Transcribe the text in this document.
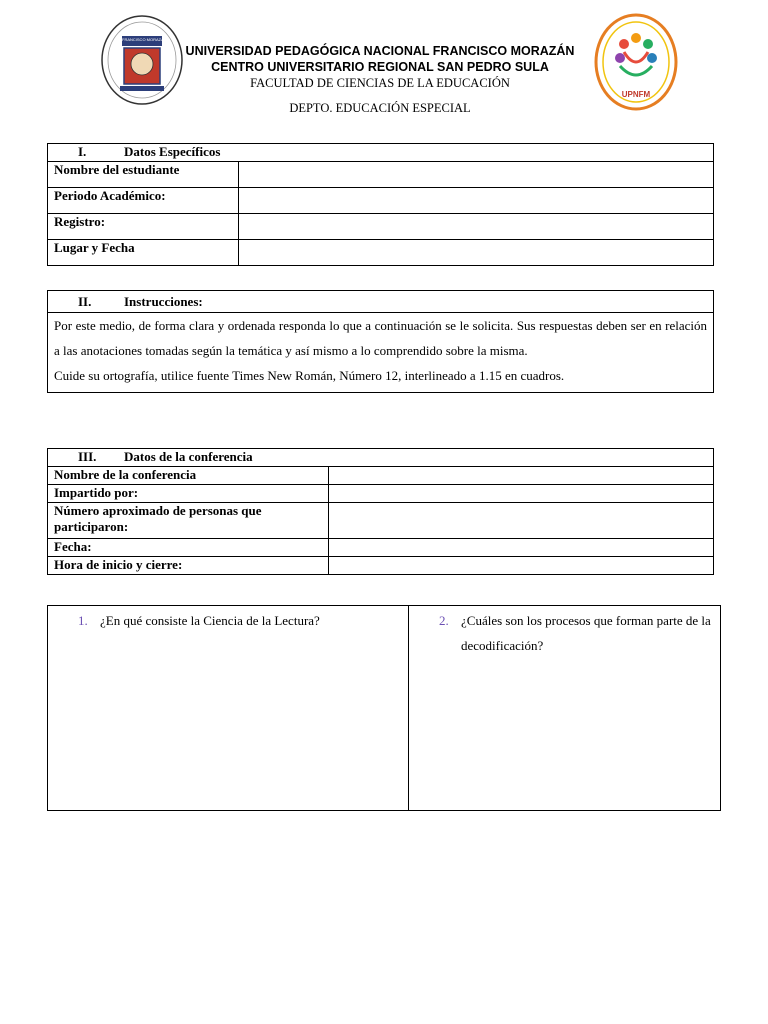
FRANCISCO MORAZÁN
UPNFM
UNIVERSIDAD PEDAGÓGICA NACIONAL FRANCISCO MORAZÁN
CENTRO UNIVERSITARIO REGIONAL SAN PEDRO SULA
FACULTAD DE CIENCIAS DE LA EDUCACIÓN
DEPTO. EDUCACIÓN ESPECIAL
I. Datos Específicos	
Nombre del estudiante	
Periodo Académico:	
Registro:	
Lugar y Fecha	
II.	Instrucciones:

Por este medio, de forma clara y ordenada responda lo que a continuación se le solicita. Sus respuestas deben ser en relación a las anotaciones tomadas según la temática y así mismo a lo comprendido sobre la misma.
Cuide su ortografía, utilice fuente Times New Román, Número 12, interlineado a 1.15 en cuadros.
III. Datos de la conferencia	
Nombre de la conferencia	
Impartido por:	
Número aproximado de personas que participaron:	
Fecha:	
Hora de inicio y cierre:	
1. ¿En qué consiste la Ciencia de la Lectura?	2. ¿Cuáles son los procesos que forman parte de la decodificación?
